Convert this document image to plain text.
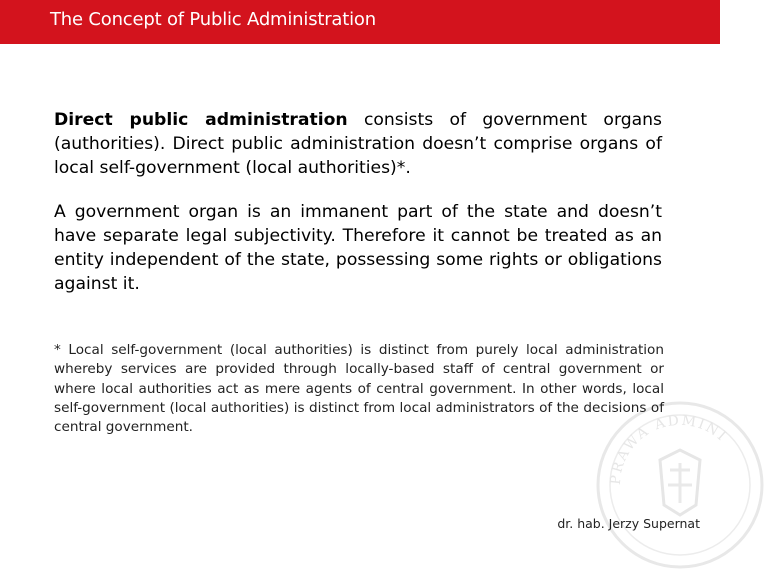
The Concept of Public Administration
PRAWA ADMINI
Direct public administration consists of government organs (authorities). Direct public administration doesn’t comprise organs of local self-government (local authorities)*.
A government organ is an immanent part of the state and doesn’t have separate legal subjectivity. Therefore it cannot be treated as an entity independent of the state, possessing some rights or obligations against it.
* Local self-government (local authorities) is distinct from purely local administration whereby services are provided through locally-based staff of central government or where local authorities act as mere agents of central government. In other words, local self-government (local authorities) is distinct from local administrators of the decisions of central government.
dr. hab. Jerzy Supernat
